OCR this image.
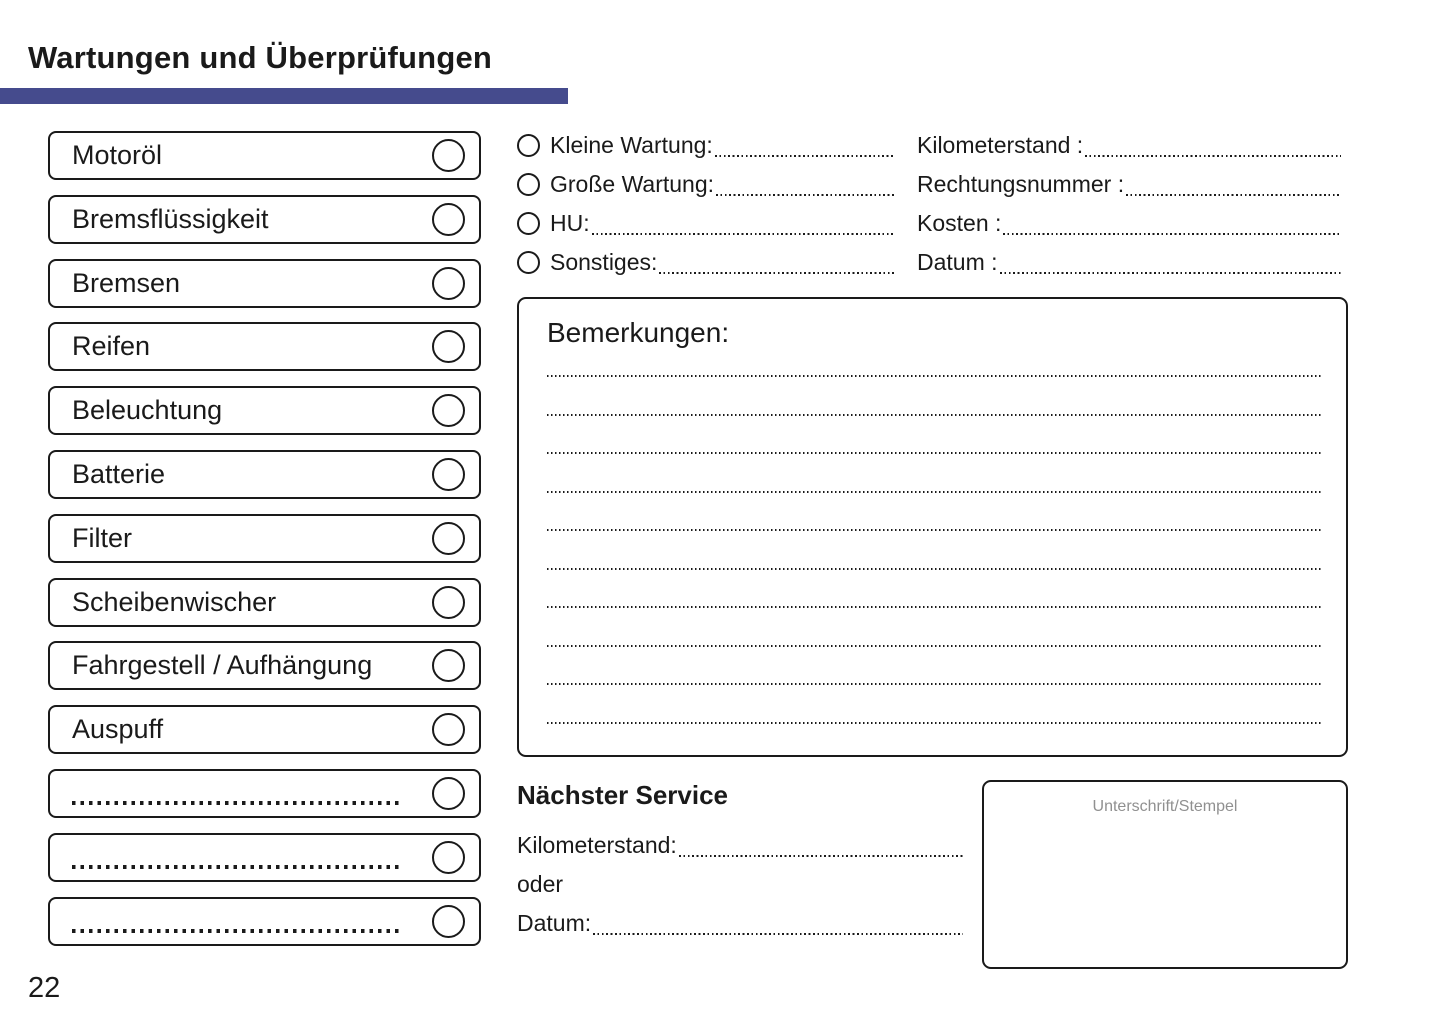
Wartungen und Überprüfungen
Motoröl
Bremsflüssigkeit
Bremsen
Reifen
Beleuchtung
Batterie
Filter
Scheibenwischer
Fahrgestell / Aufhängung
Auspuff
Kleine Wartung:
Große Wartung:
HU:
Sonstiges:
Kilometerstand :
Rechtungsnummer :
Kosten :
Datum :
Bemerkungen:
Nächster Service
Kilometerstand:
oder
Datum:
Unterschrift/Stempel
22
